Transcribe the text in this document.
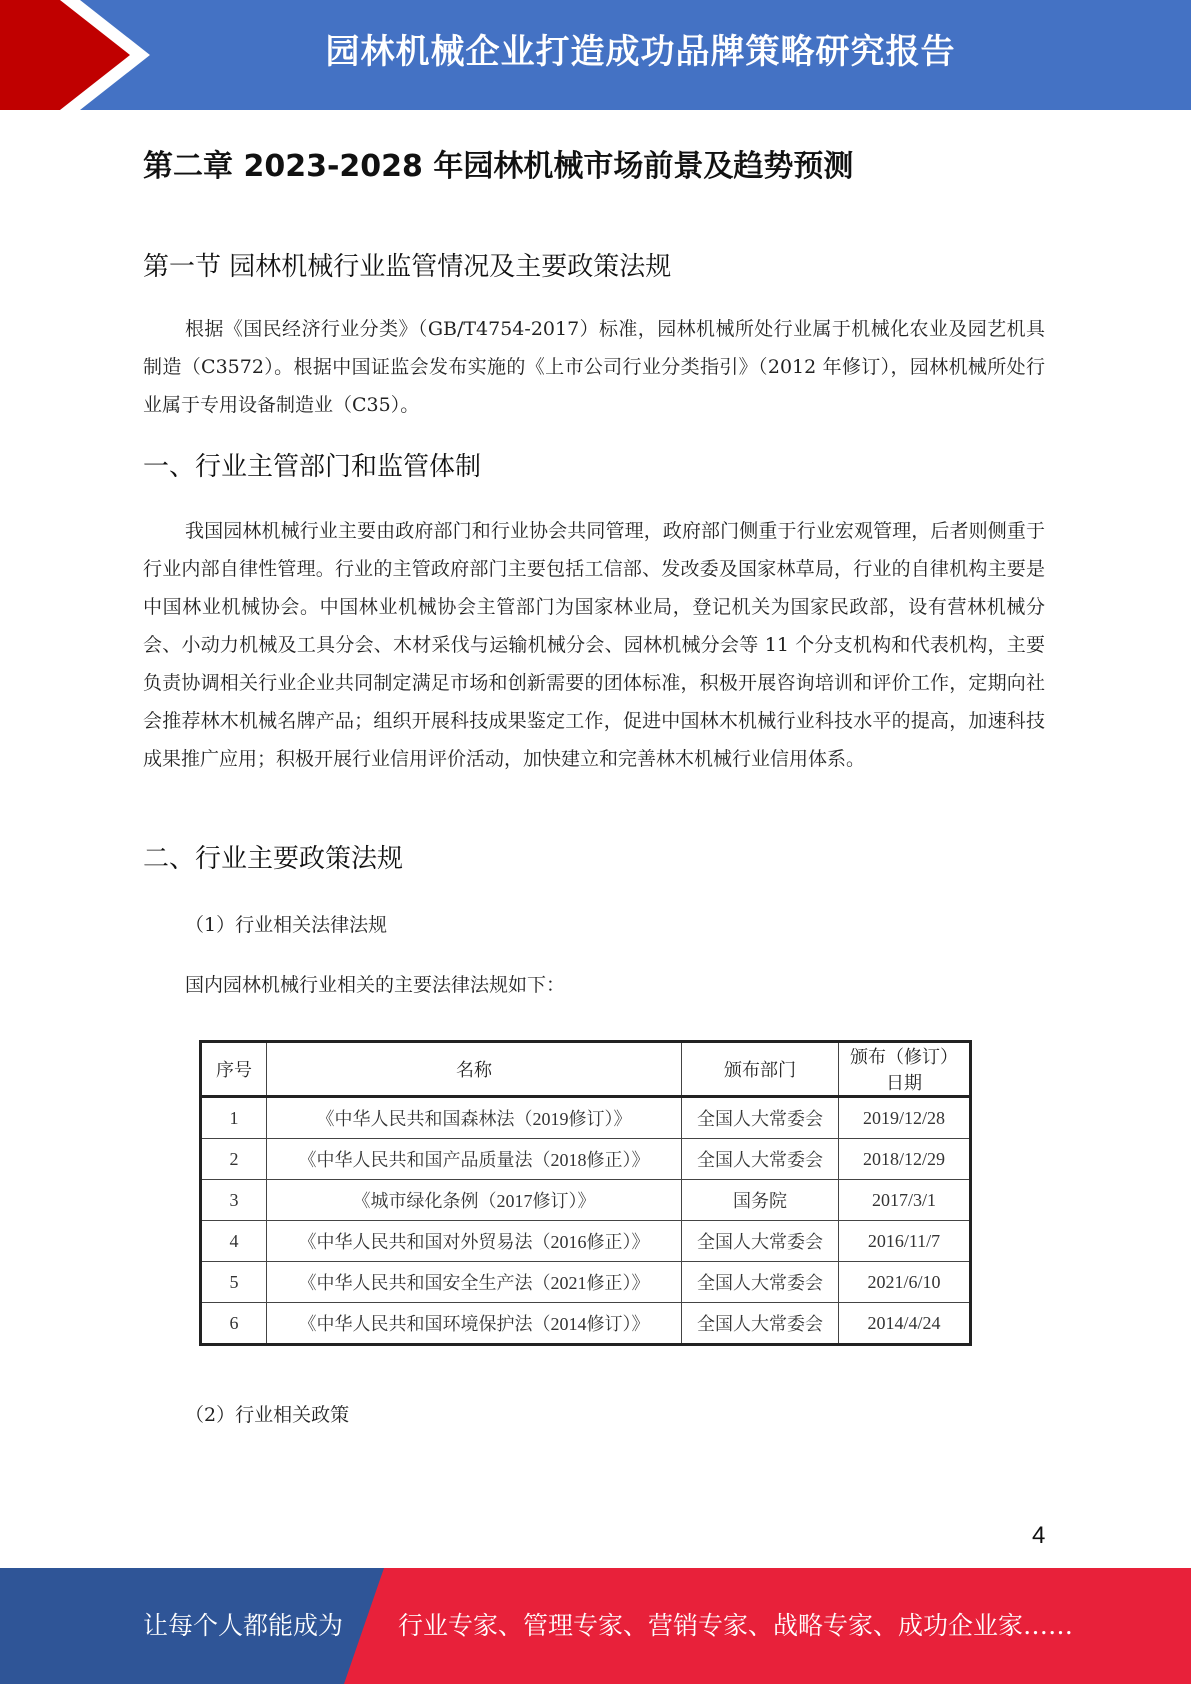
园林机械企业打造成功品牌策略研究报告
第二章 2023-2028 年园林机械市场前景及趋势预测
第一节 园林机械行业监管情况及主要政策法规
根据《国民经济行业分类》（GB/T4754-2017）标准，园林机械所处行业属于机械化农业及园艺机具制造（C3572）。根据中国证监会发布实施的《上市公司行业分类指引》（2012 年修订），园林机械所处行业属于专用设备制造业（C35）。
一、行业主管部门和监管体制
我国园林机械行业主要由政府部门和行业协会共同管理，政府部门侧重于行业宏观管理，后者则侧重于行业内部自律性管理。行业的主管政府部门主要包括工信部、发改委及国家林草局，行业的自律机构主要是中国林业机械协会。中国林业机械协会主管部门为国家林业局，登记机关为国家民政部，设有营林机械分会、小动力机械及工具分会、木材采伐与运输机械分会、园林机械分会等 11 个分支机构和代表机构，主要负责协调相关行业企业共同制定满足市场和创新需要的团体标准，积极开展咨询培训和评价工作，定期向社会推荐林木机械名牌产品；组织开展科技成果鉴定工作，促进中国林木机械行业科技水平的提高，加速科技成果推广应用；积极开展行业信用评价活动，加快建立和完善林木机械行业信用体系。
二、行业主要政策法规
（1）行业相关法律法规
国内园林机械行业相关的主要法律法规如下：
序号	名称	颁布部门	颁布（修订）
日期

1	《中华人民共和国森林法（2019修订）》	全国人大常委会	2019/12/28
2	《中华人民共和国产品质量法（2018修正）》	全国人大常委会	2018/12/29
3	《城市绿化条例（2017修订）》	国务院	2017/3/1
4	《中华人民共和国对外贸易法（2016修正）》	全国人大常委会	2016/11/7
5	《中华人民共和国安全生产法（2021修正）》	全国人大常委会	2021/6/10
6	《中华人民共和国环境保护法（2014修订）》	全国人大常委会	2014/4/24
（2）行业相关政策
4
让每个人都能成为 行业专家、管理专家、营销专家、战略专家、成功企业家……
